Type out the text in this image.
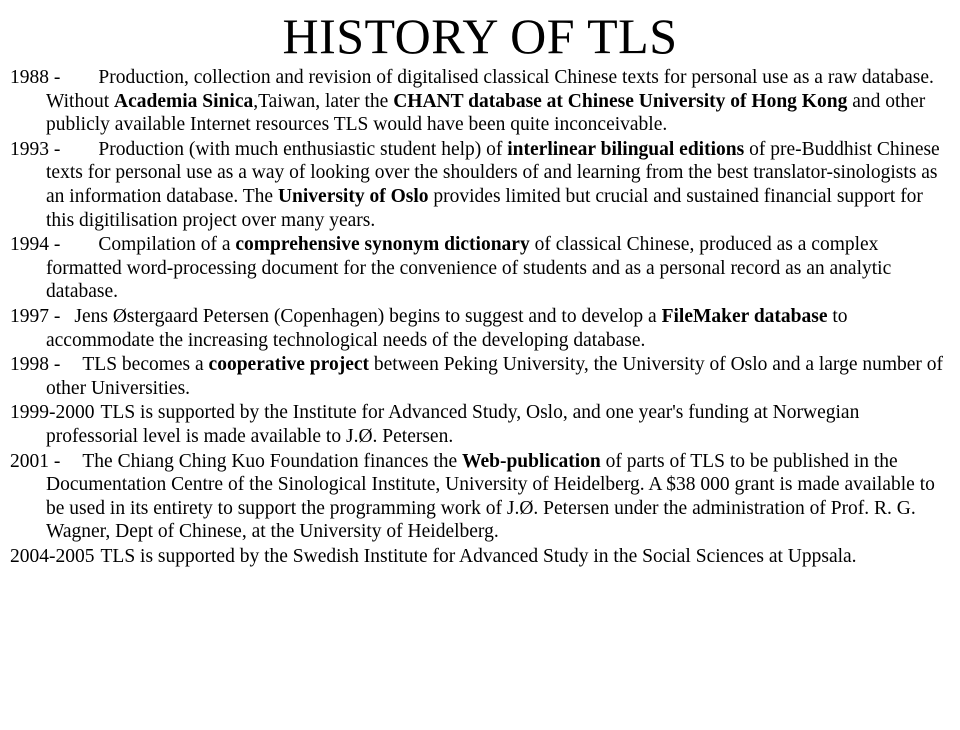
HISTORY OF TLS
1988 - Production, collection and revision of digitalised classical Chinese texts for personal use as a raw database. Without Academia Sinica,Taiwan, later the CHANT database at Chinese University of Hong Kong and other publicly available Internet resources TLS would have been quite inconceivable.
1993 - Production (with much enthusiastic student help) of interlinear bilingual editions of pre-Buddhist Chinese texts for personal use as a way of looking over the shoulders of and learning from the best translator-sinologists as an information database. The University of Oslo provides limited but crucial and sustained financial support for this digitilisation project over many years.
1994 - Compilation of a comprehensive synonym dictionary of classical Chinese, produced as a complex formatted word-processing document for the convenience of students and as a personal record as an analytic database.
1997 - Jens Østergaard Petersen (Copenhagen) begins to suggest and to develop a FileMaker database to accommodate the increasing technological needs of the developing database.
1998 - TLS becomes a cooperative project between Peking University, the University of Oslo and a large number of other Universities.
1999-2000 TLS is supported by the Institute for Advanced Study, Oslo, and one year's funding at Norwegian professorial level is made available to J.Ø. Petersen.
2001 - The Chiang Ching Kuo Foundation finances the Web-publication of parts of TLS to be published in the Documentation Centre of the Sinological Institute, University of Heidelberg. A $38 000 grant is made available to be used in its entirety to support the programming work of J.Ø. Petersen under the administration of Prof. R. G. Wagner, Dept of Chinese, at the University of Heidelberg.
2004-2005 TLS is supported by the Swedish Institute for Advanced Study in the Social Sciences at Uppsala.
